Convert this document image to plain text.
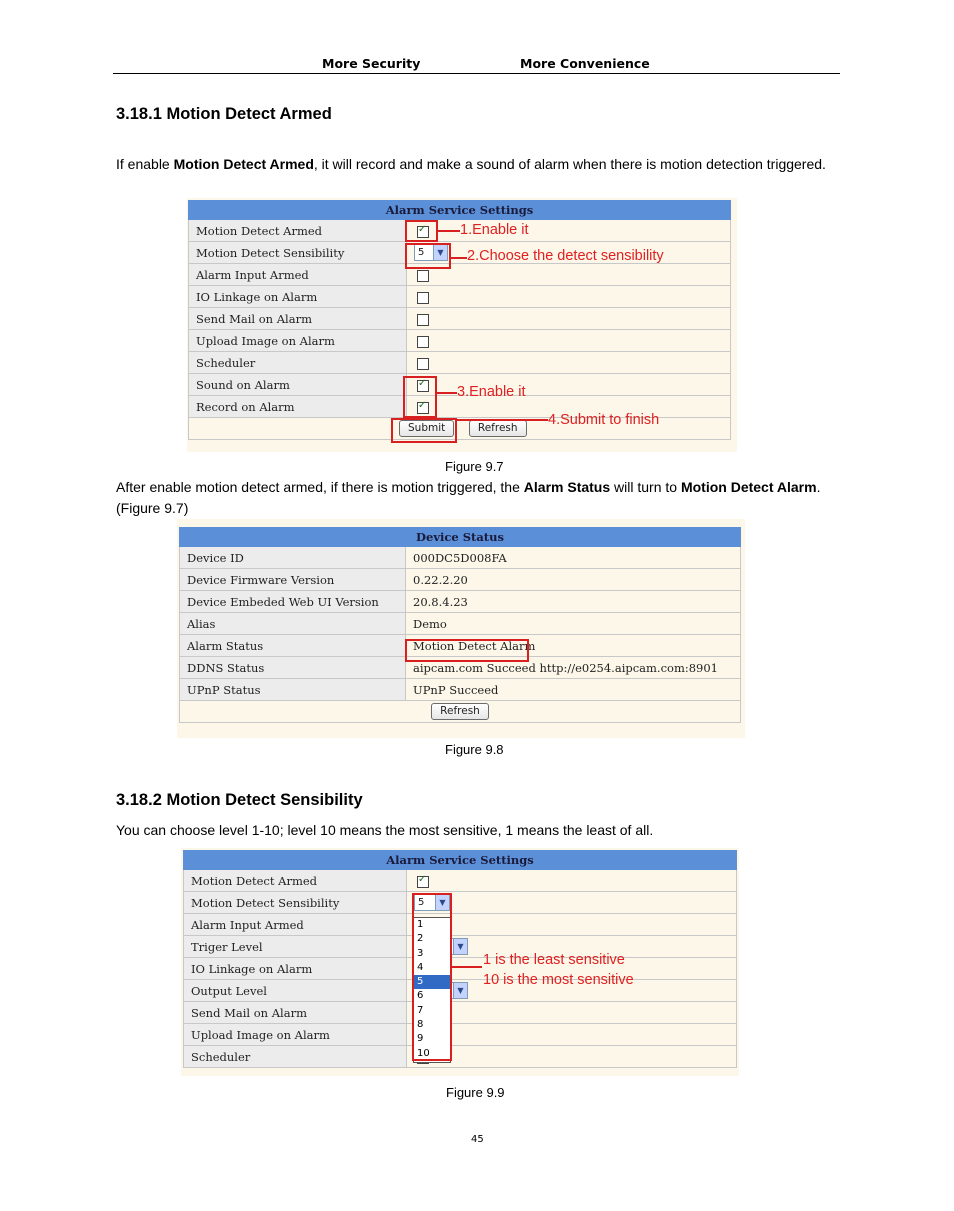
More Security	More Convenience
3.18.1 Motion Detect Armed

If enable Motion Detect Armed, it will record and make a sound of alarm when there is motion detection triggered.

Alarm Service Settings	
Motion Detect Armed	✓
Motion Detect Sensibility	5 ▼

Alarm Input Armed	
IO Linkage on Alarm	
Send Mail on Alarm	
Upload Image on Alarm	
Scheduler	
Sound on Alarm	✓
Record on Alarm	✓
Submit Refresh	
1.Enable it
2.Choose the detect sensibility
3.Enable it
4.Submit to finish
Figure 9.7

After enable motion detect armed, if there is motion triggered, the Alarm Status will turn to Motion Detect Alarm. (Figure 9.7)

Device Status	
Device ID	000DC5D008FA
Device Firmware Version	0.22.2.20
Device Embeded Web UI Version	20.8.4.23
Alias	Demo
Alarm Status	Motion Detect Alarm
DDNS Status	aipcam.com Succeed http://e0254.aipcam.com:8901
UPnP Status	UPnP Succeed
Refresh	
Figure 9.8
3.18.2 Motion Detect Sensibility

You can choose level 1-10; level 10 means the most sensitive, 1 means the least of all.

Alarm Service Settings	
Motion Detect Armed	✓
Motion Detect Sensibility	5 ▼

Alarm Input Armed	
Triger Level	▼

IO Linkage on Alarm	
Output Level	▼

Send Mail on Alarm	
Upload Image on Alarm	
Scheduler	
1
2
3
4
5
6
7
8
9
10
1 is the least sensitive
10 is the most sensitive
Figure 9.9
45
